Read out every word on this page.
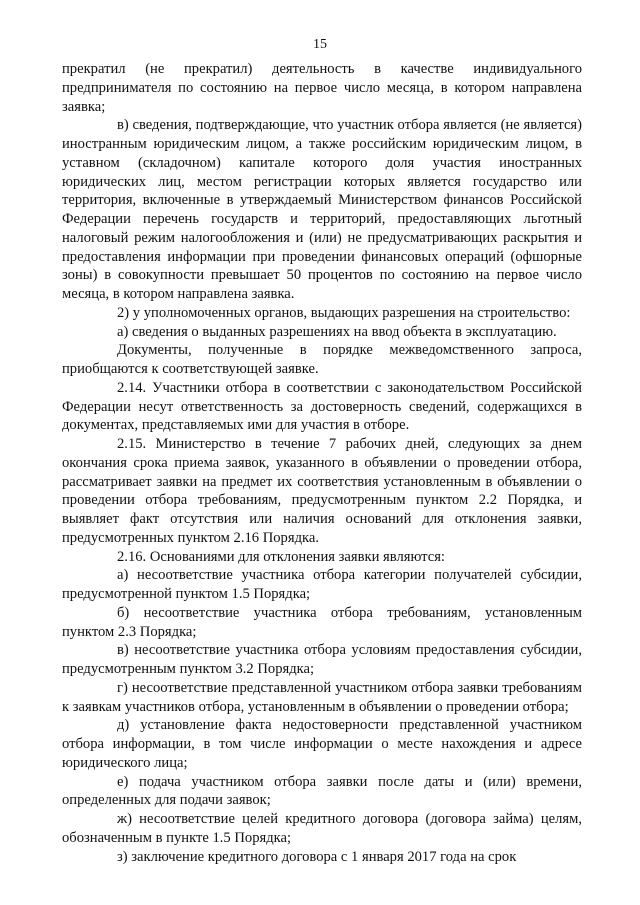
15

прекратил (не прекратил) деятельность в качестве индивидуального предпринимателя по состоянию на первое число месяца, в котором направлена заявка;

в) сведения, подтверждающие, что участник отбора является (не является) иностранным юридическим лицом, а также российским юридическим лицом, в уставном (складочном) капитале которого доля участия иностранных юридических лиц, местом регистрации которых является государство или территория, включенные в утверждаемый Министерством финансов Российской Федерации перечень государств и территорий, предоставляющих льготный налоговый режим налогообложения и (или) не предусматривающих раскрытия и предоставления информации при проведении финансовых операций (офшорные зоны) в совокупности превышает 50 процентов по состоянию на первое число месяца, в котором направлена заявка.

2) у уполномоченных органов, выдающих разрешения на строительство:

а) сведения о выданных разрешениях на ввод объекта в эксплуатацию.

Документы, полученные в порядке межведомственного запроса, приобщаются к соответствующей заявке.

2.14. Участники отбора в соответствии с законодательством Российской Федерации несут ответственность за достоверность сведений, содержащихся в документах, представляемых ими для участия в отборе.

2.15. Министерство в течение 7 рабочих дней, следующих за днем окончания срока приема заявок, указанного в объявлении о проведении отбора, рассматривает заявки на предмет их соответствия установленным в объявлении о проведении отбора требованиям, предусмотренным пунктом 2.2 Порядка, и выявляет факт отсутствия или наличия оснований для отклонения заявки, предусмотренных пунктом 2.16 Порядка.

2.16. Основаниями для отклонения заявки являются:

а) несоответствие участника отбора категории получателей субсидии, предусмотренной пунктом 1.5 Порядка;

б) несоответствие участника отбора требованиям, установленным пунктом 2.3 Порядка;

в) несоответствие участника отбора условиям предоставления субсидии, предусмотренным пунктом 3.2 Порядка;

г) несоответствие представленной участником отбора заявки требованиям к заявкам участников отбора, установленным в объявлении о проведении отбора;

д) установление факта недостоверности представленной участником отбора информации, в том числе информации о месте нахождения и адресе юридического лица;

е) подача участником отбора заявки после даты и (или) времени, определенных для подачи заявок;

ж) несоответствие целей кредитного договора (договора займа) целям, обозначенным в пункте 1.5 Порядка;

з) заключение кредитного договора с 1 января 2017 года на срок
